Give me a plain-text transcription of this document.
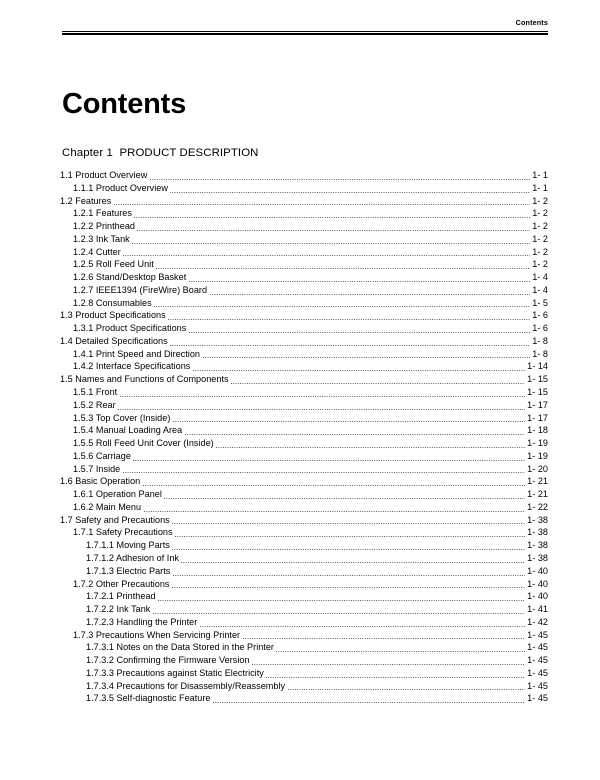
Contents
Contents
Chapter 1  PRODUCT DESCRIPTION
1.1 Product Overview	1- 1
1.1.1 Product Overview	1- 1
1.2 Features	1- 2
1.2.1 Features	1- 2
1.2.2 Printhead	1- 2
1.2.3 Ink Tank	1- 2
1.2.4 Cutter	1- 2
1.2.5 Roll Feed Unit	1- 2
1.2.6 Stand/Desktop Basket	1- 4
1.2.7 IEEE1394 (FireWire) Board	1- 4
1.2.8 Consumables	1- 5
1.3 Product Specifications	1- 6
1.3.1 Product Specifications	1- 6
1.4 Detailed Specifications	1- 8
1.4.1 Print Speed and Direction	1- 8
1.4.2 Interface Specifications	1- 14
1.5 Names and Functions of Components	1- 15
1.5.1 Front	1- 15
1.5.2 Rear	1- 17
1.5.3 Top Cover (Inside)	1- 17
1.5.4 Manual Loading Area	1- 18
1.5.5 Roll Feed Unit Cover (Inside)	1- 19
1.5.6 Carriage	1- 19
1.5.7 Inside	1- 20
1.6 Basic Operation	1- 21
1.6.1 Operation Panel	1- 21
1.6.2 Main Menu	1- 22
1.7 Safety and Precautions	1- 38
1.7.1 Safety Precautions	1- 38
1.7.1.1 Moving Parts	1- 38
1.7.1.2 Adhesion of Ink	1- 38
1.7.1.3 Electric Parts	1- 40
1.7.2 Other Precautions	1- 40
1.7.2.1 Printhead	1- 40
1.7.2.2 Ink Tank	1- 41
1.7.2.3 Handling the Printer	1- 42
1.7.3 Precautions When Servicing Printer	1- 45
1.7.3.1 Notes on the Data Stored in the Printer	1- 45
1.7.3.2 Confirming the Firmware Version	1- 45
1.7.3.3 Precautions against Static Electricity	1- 45
1.7.3.4 Precautions for Disassembly/Reassembly	1- 45
1.7.3.5 Self-diagnostic Feature	1- 45
